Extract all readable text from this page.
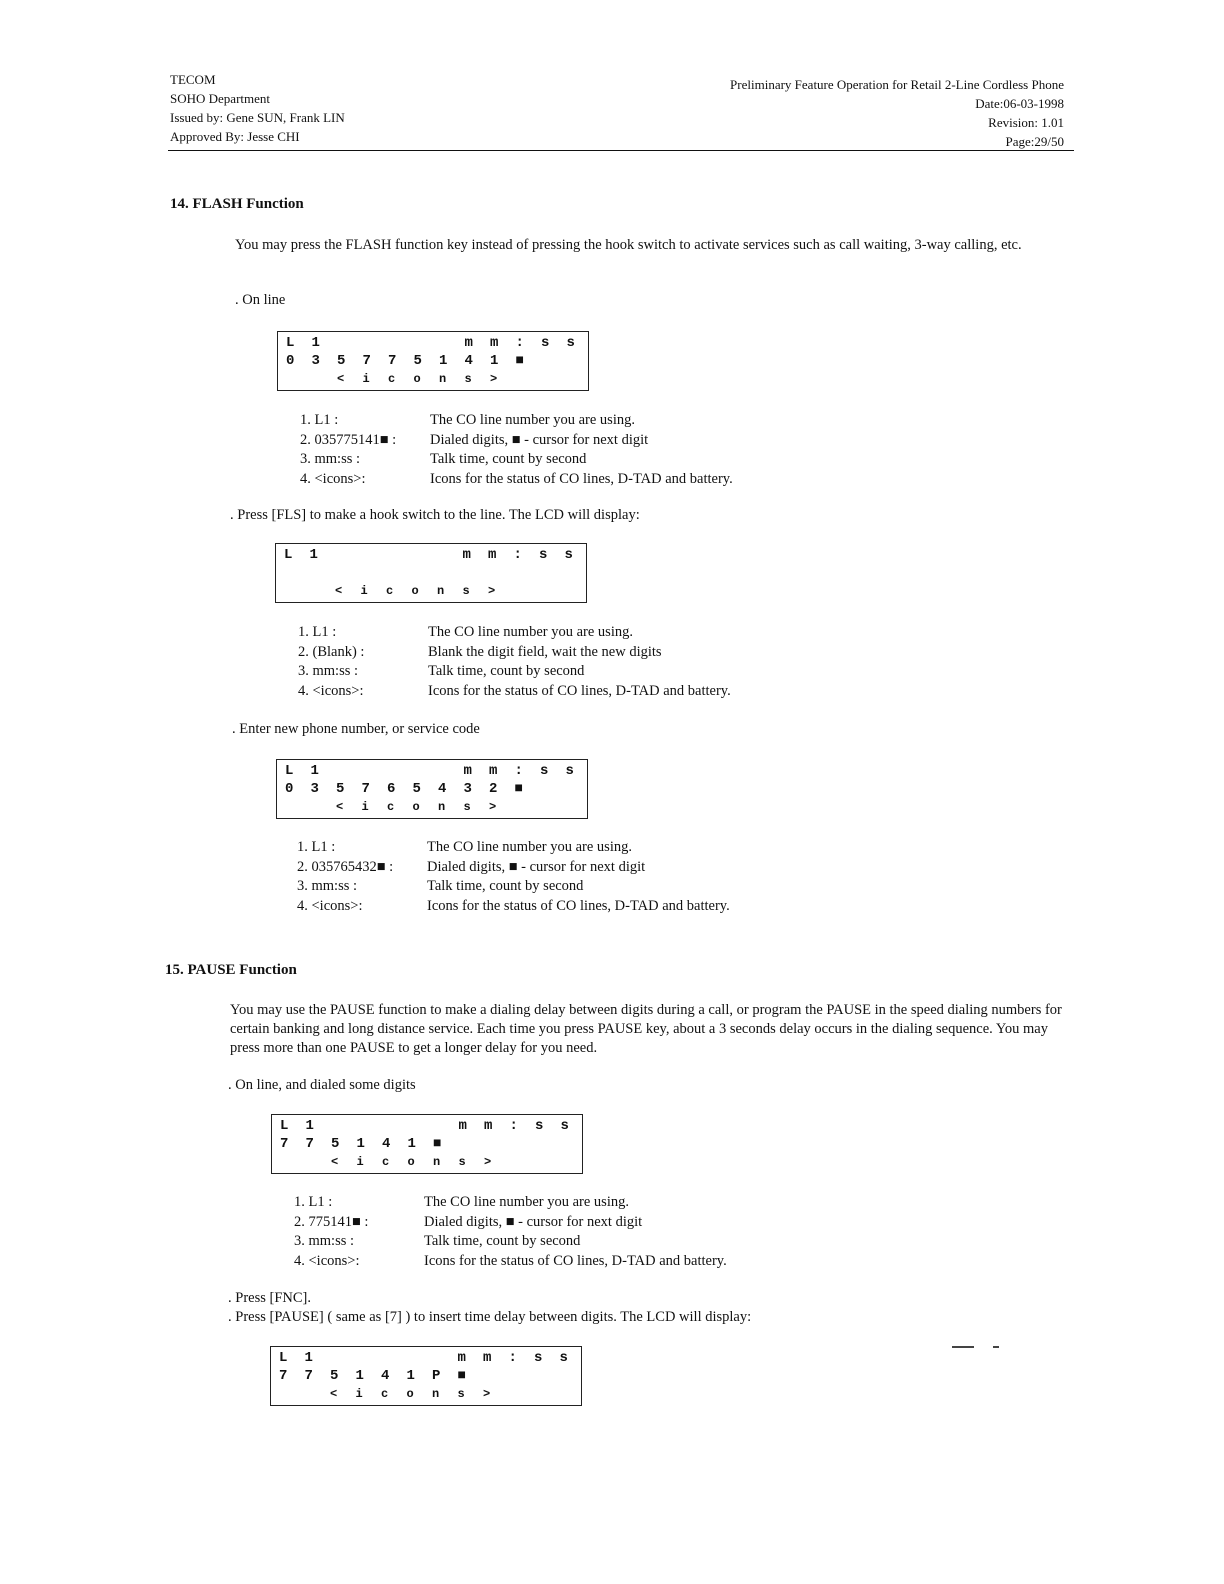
TECOM
SOHO Department
Issued by: Gene SUN, Frank LIN
Approved By: Jesse CHI
Preliminary Feature Operation for Retail 2-Line Cordless Phone
Date:06-03-1998
Revision: 1.01
Page:29/50
14. FLASH Function
You may press the FLASH function key instead of pressing the hook switch to activate services such as call waiting, 3-way calling, etc.
. On line
L	1	m	m	:	s	s
0	3	5	7	7	5	1	4	1	■
<	i	c	o	n	s	>
1. L1 :	The CO line number you are using.
2. 035775141■ :	Dialed digits, ■ - cursor for next digit
3. mm:ss :	Talk time, count by second
4. <icons>:	Icons for the status of CO lines, D-TAD and battery.
. Press [FLS] to make a hook switch to the line. The LCD will display:
L	1	m	m	:	s	s
<	i	c	o	n	s	>
1. L1 :	The CO line number you are using.
2. (Blank) :	Blank the digit field, wait the new digits
3. mm:ss :	Talk time, count by second
4. <icons>:	Icons for the status of CO lines, D-TAD and battery.
. Enter new phone number, or service code
L	1	m	m	:	s	s
0	3	5	7	6	5	4	3	2	■
<	i	c	o	n	s	>
1. L1 :	The CO line number you are using.
2. 035765432■ :	Dialed digits, ■ - cursor for next digit
3. mm:ss :	Talk time, count by second
4. <icons>:	Icons for the status of CO lines, D-TAD and battery.
15. PAUSE Function
You may use the PAUSE function to make a dialing delay between digits during a call, or program the PAUSE in the speed dialing numbers for certain banking and long distance service. Each time you press PAUSE key, about a 3 seconds delay occurs in the dialing sequence. You may press more than one PAUSE to get a longer delay for you need.
. On line, and dialed some digits
L	1	m	m	:	s	s
7	7	5	1	4	1	■
<	i	c	o	n	s	>
1. L1 :	The CO line number you are using.
2. 775141■ :	Dialed digits, ■ - cursor for next digit
3. mm:ss :	Talk time, count by second
4. <icons>:	Icons for the status of CO lines, D-TAD and battery.
. Press [FNC].
. Press [PAUSE] ( same as [7] ) to insert time delay between digits. The LCD will display:
L	1	m	m	:	s	s
7	7	5	1	4	1	P	■
<	i	c	o	n	s	>
